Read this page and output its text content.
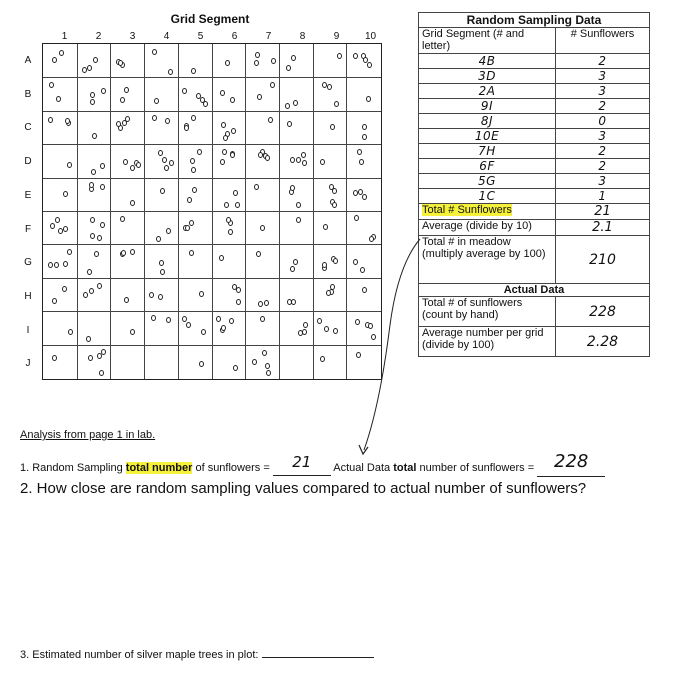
Grid Segment
1	2	3	4	5	6	7	8	9	10
A
B
C
D
E
F
G
H
I
J
Random Sampling Data	
Grid Segment (# and letter)	# Sunflowers
4B	2
3D	3
2A	3
9I	2
8J	0
10E	3
7H	2
6F	2
5G	3
1C	1
Total # Sunflowers	21
Average (divide by 10)	2.1
Total # in meadow (multiply average by 100)	210
Actual Data	
Total # of sunflowers (count by hand)	228
Average number per grid (divide by 100)	2.28
Analysis from page 1 in lab.
1. Random Sampling total number of sunflowers = 21 Actual Data total number of sunflowers = 228
2. How close are random sampling values compared to actual number of sunflowers?
3. Estimated number of silver maple trees in plot:
